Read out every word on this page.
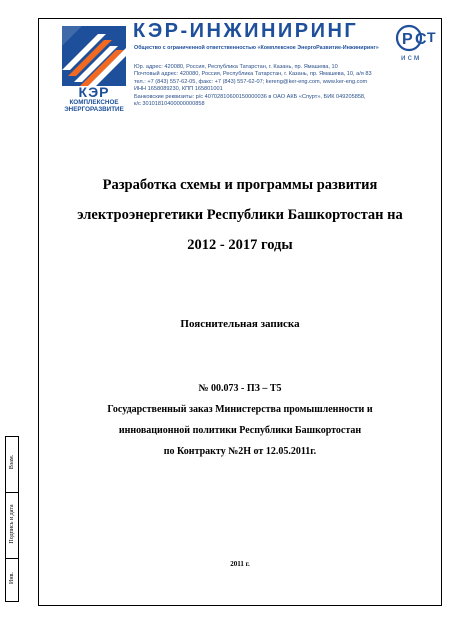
Взам.
Подпись и дата
Инв.
КЭР
КОМПЛЕКСНОЕ
ЭНЕРГОРАЗВИТИЕ
КЭР-ИНЖИНИРИНГ
Общество с ограниченной ответственностью «Комплексное ЭнергоРазвитие-Инжиниринг» Р С Т
и с м
Юр. адрес: 420080, Россия, Республика Татарстан, г. Казань, пр. Ямашева, 10
Почтовый адрес: 420080, Россия, Республика Татарстан, г. Казань, пр. Ямашева, 10, а/я 83
тел.: +7 (843) 557-62-05, факс: +7 (843) 557-62-07; kereng@ker-eng.com, www.ker-eng.com
ИНН 1658089230, КПП 165801001
Банковские реквизиты: р/с 40702810600150000036 в ОАО АКБ «Спурт», БИК 049205858,
к/с 30101810400000000858
Разработка схемы и программы развития
электроэнергетики Республики Башкортостан на
2012 - 2017 годы
Пояснительная записка
№ 00.073 - ПЗ – Т5
Государственный заказ Министерства промышленности и
инновационной политики Республики Башкортостан
по Контракту №2Н от 12.05.2011г.
2011 г.
